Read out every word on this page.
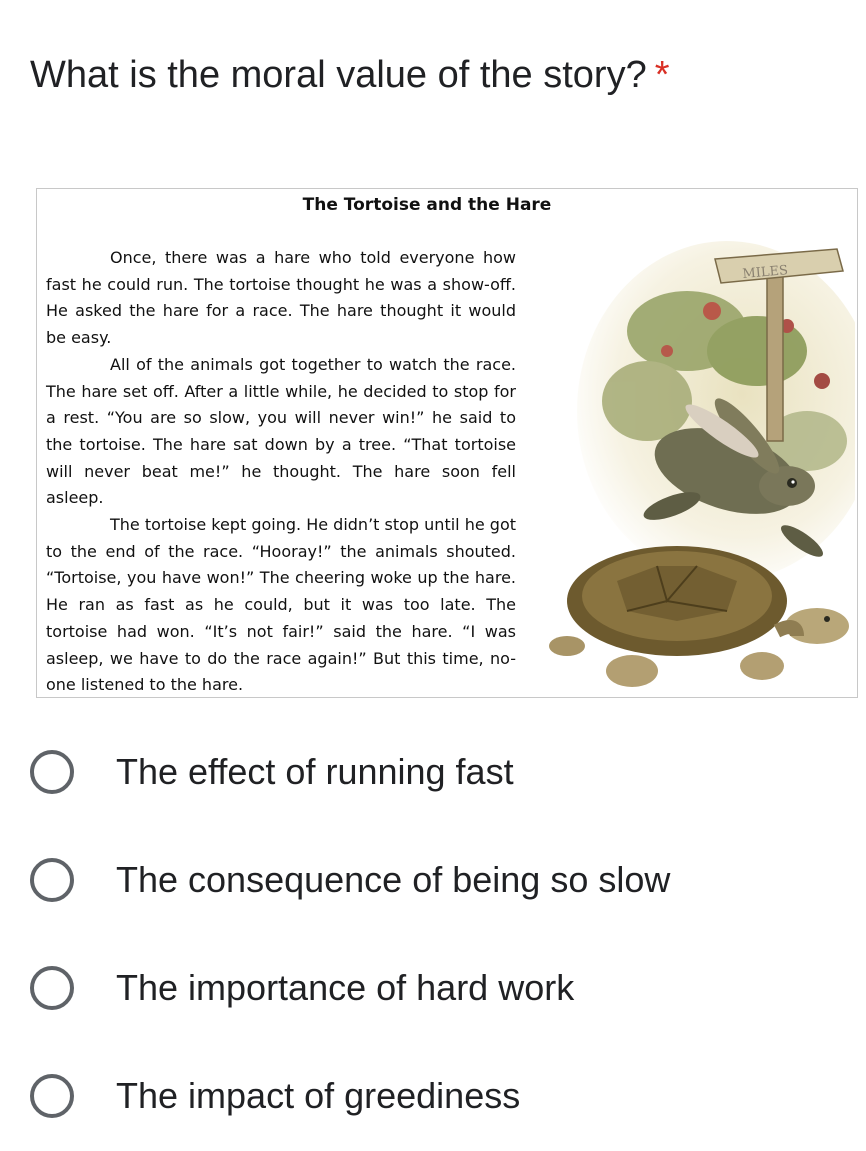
What is the moral value of the story? *
The Tortoise and the Hare

Once, there was a hare who told everyone how fast he could run. The tortoise thought he was a show-off. He asked the hare for a race. The hare thought it would be easy.

All of the animals got together to watch the race. The hare set off. After a little while, he decided to stop for a rest. “You are so slow, you will never win!” he said to the tortoise. The hare sat down by a tree. “That tortoise will never beat me!” he thought. The hare soon fell asleep.

The tortoise kept going. He didn’t stop until he got to the end of the race. “Hooray!” the animals shouted. “Tortoise, you have won!” The cheering woke up the hare. He ran as fast as he could, but it was too late. The tortoise had won. “It’s not fair!” said the hare. “I was asleep, we have to do the race again!” But this time, no-one listened to the hare.

MILES
The effect of running fast
The consequence of being so slow
The importance of hard work
The impact of greediness
